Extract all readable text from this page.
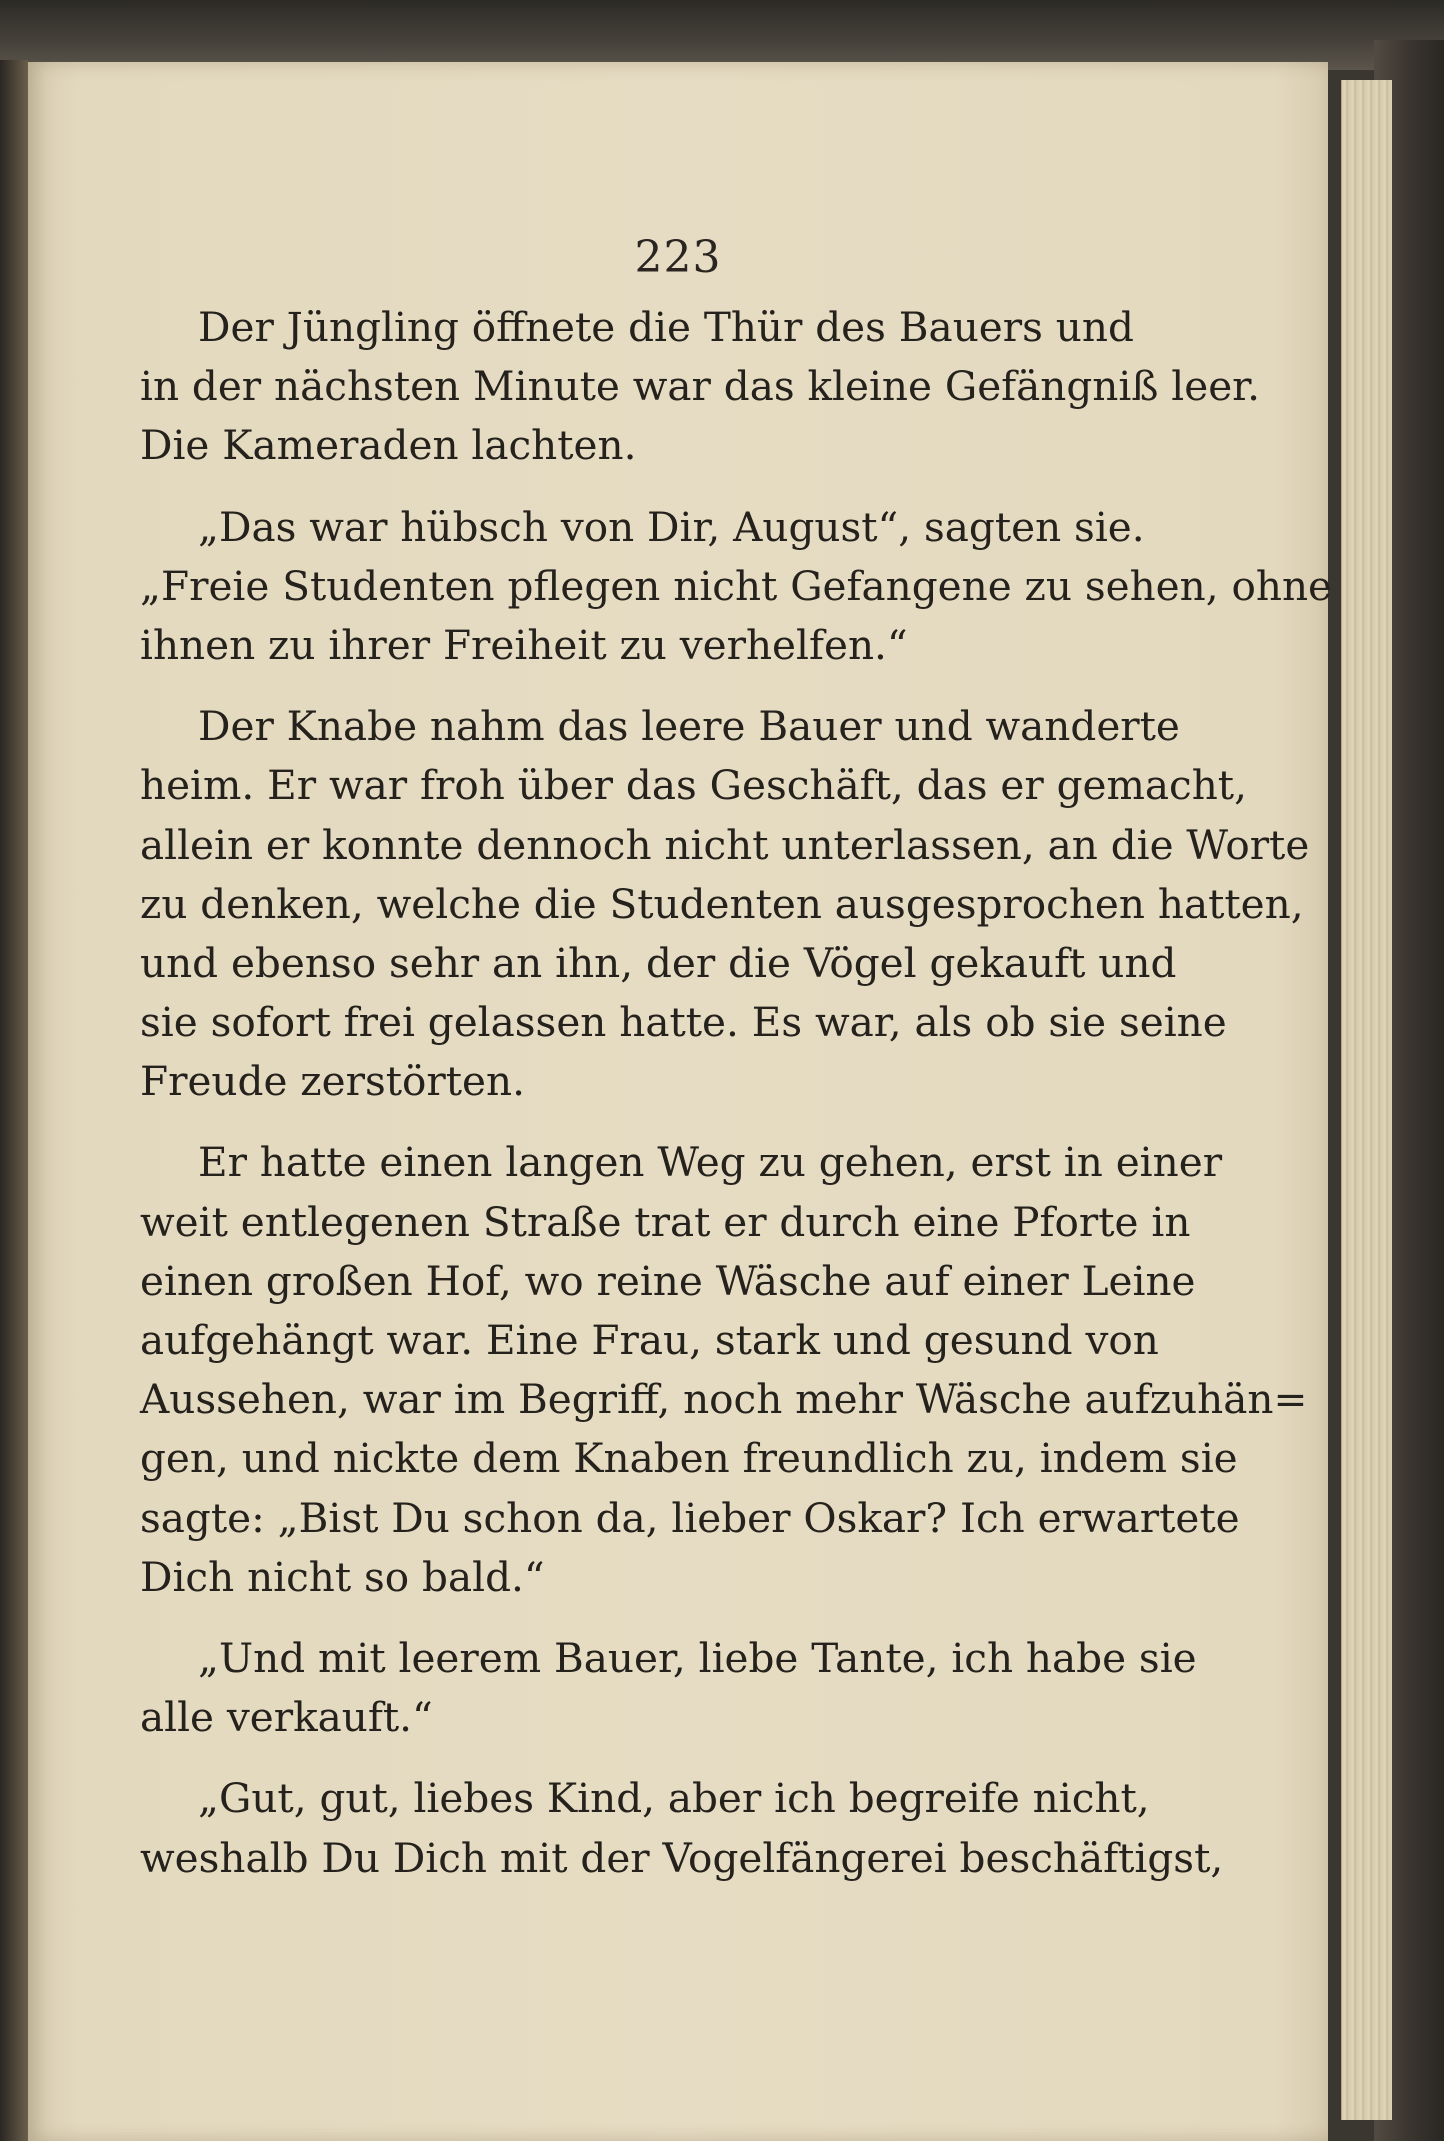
223
Der Jüngling öffnete die Thür des Bauers und
in der nächsten Minute war das kleine Gefängniß leer.
Die Kameraden lachten.
„Das war hübsch von Dir, August“, sagten sie.
„Freie Studenten pflegen nicht Gefangene zu sehen, ohne
ihnen zu ihrer Freiheit zu verhelfen.“
Der Knabe nahm das leere Bauer und wanderte
heim. Er war froh über das Geschäft, das er gemacht,
allein er konnte dennoch nicht unterlassen, an die Worte
zu denken, welche die Studenten ausgesprochen hatten,
und ebenso sehr an ihn, der die Vögel gekauft und
sie sofort frei gelassen hatte. Es war, als ob sie seine
Freude zerstörten.
Er hatte einen langen Weg zu gehen, erst in einer
weit entlegenen Straße trat er durch eine Pforte in
einen großen Hof, wo reine Wäsche auf einer Leine
aufgehängt war. Eine Frau, stark und gesund von
Aussehen, war im Begriff, noch mehr Wäsche aufzuhän=
gen, und nickte dem Knaben freundlich zu, indem sie
sagte: „Bist Du schon da, lieber Oskar? Ich erwartete
Dich nicht so bald.“
„Und mit leerem Bauer, liebe Tante, ich habe sie
alle verkauft.“
„Gut, gut, liebes Kind, aber ich begreife nicht,
weshalb Du Dich mit der Vogelfängerei beschäftigst,
